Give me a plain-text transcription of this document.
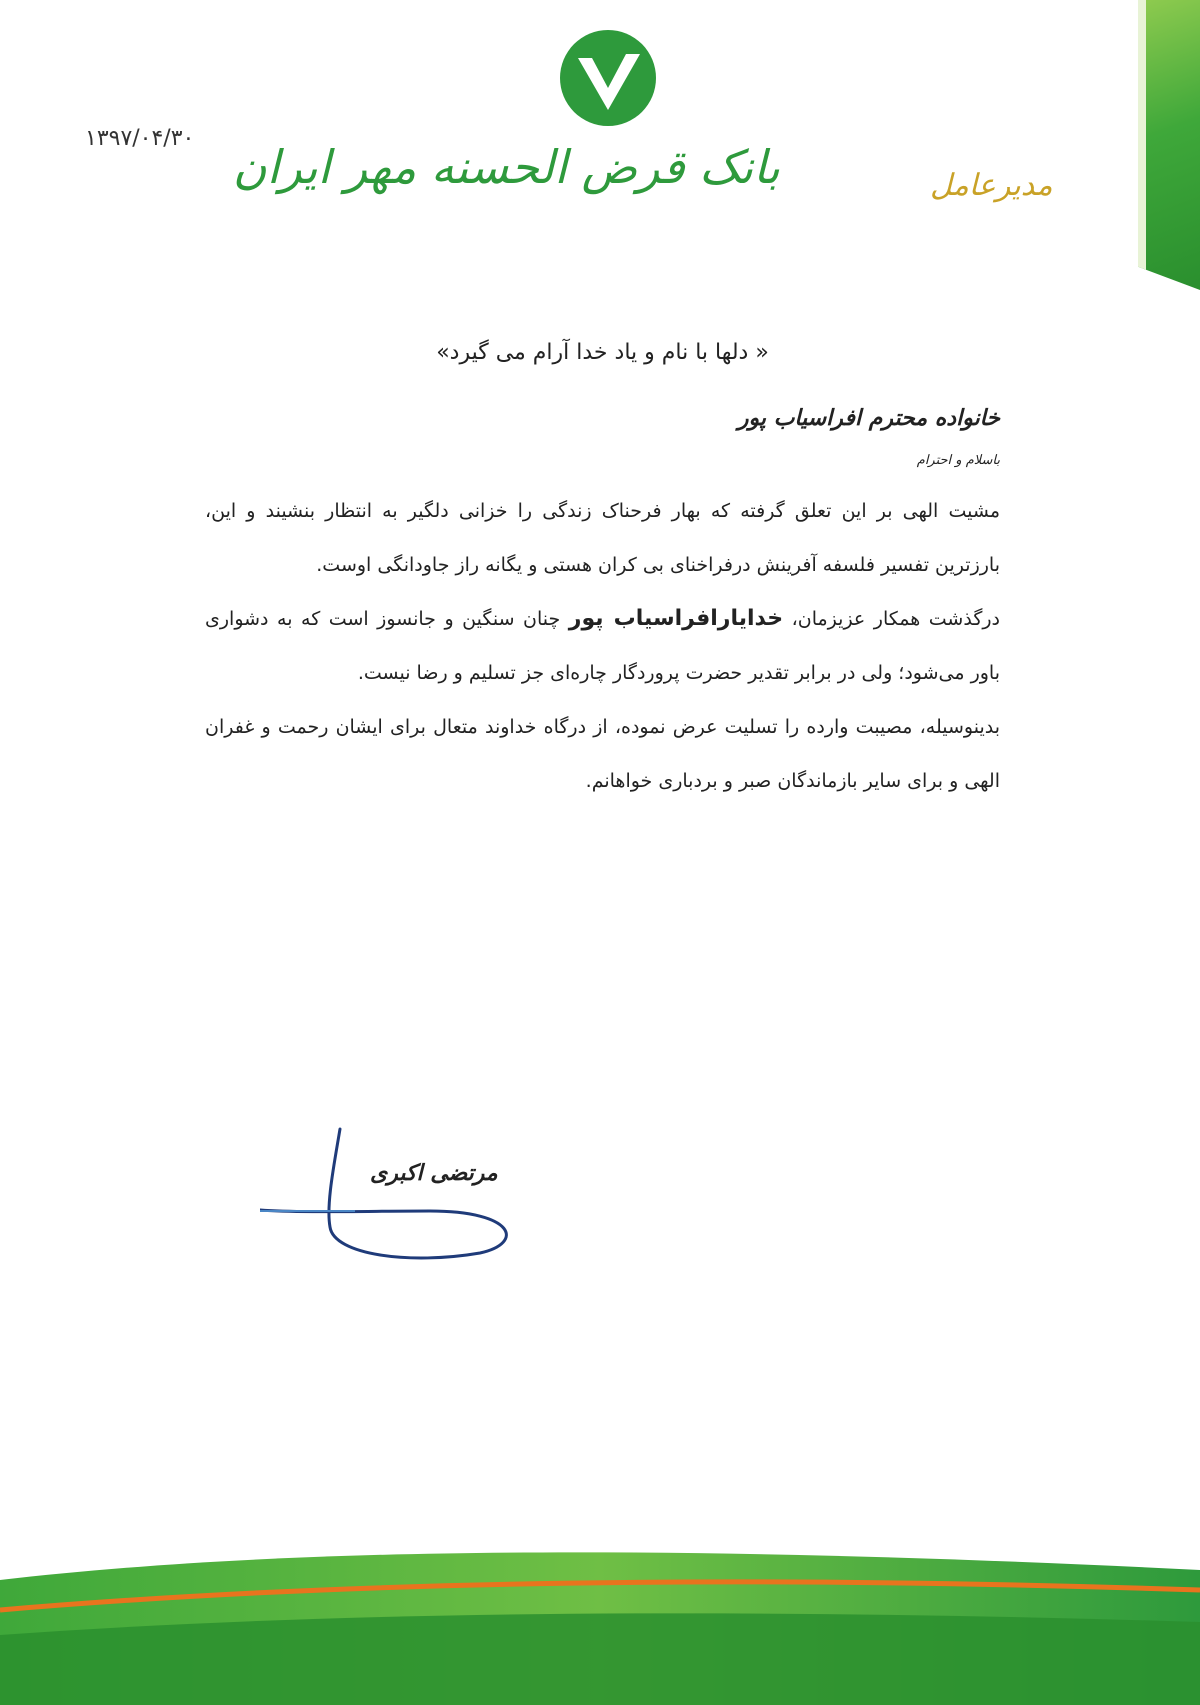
بانک قرض الحسنه مهر ایران	مدیرعامل
۱۳۹۷/۰۴/۳۰
« دلها با نام و یاد خدا آرام می گیرد»
خانواده محترم افراسیاب پور
باسلام و احترام

مشیت الهی بر این تعلق گرفته که بهار فرحناک زندگی را خزانی دلگیر به انتظار بنشیند و این، بارزترین تفسیر فلسفه آفرینش درفراخنای بی کران هستی و یگانه راز جاودانگی اوست.

درگذشت همکار عزیزمان، خدایارافراسیاب پور چنان سنگین و جانسوز است که به دشواری باور می‌شود؛ ولی در برابر تقدیر حضرت پروردگار چاره‌ای جز تسلیم و رضا نیست.

بدینوسیله، مصیبت وارده را تسلیت عرض نموده، از درگاه خداوند متعال برای ایشان رحمت و غفران الهی و برای سایر بازماندگان صبر و بردباری خواهانم.

مرتضی اکبری
